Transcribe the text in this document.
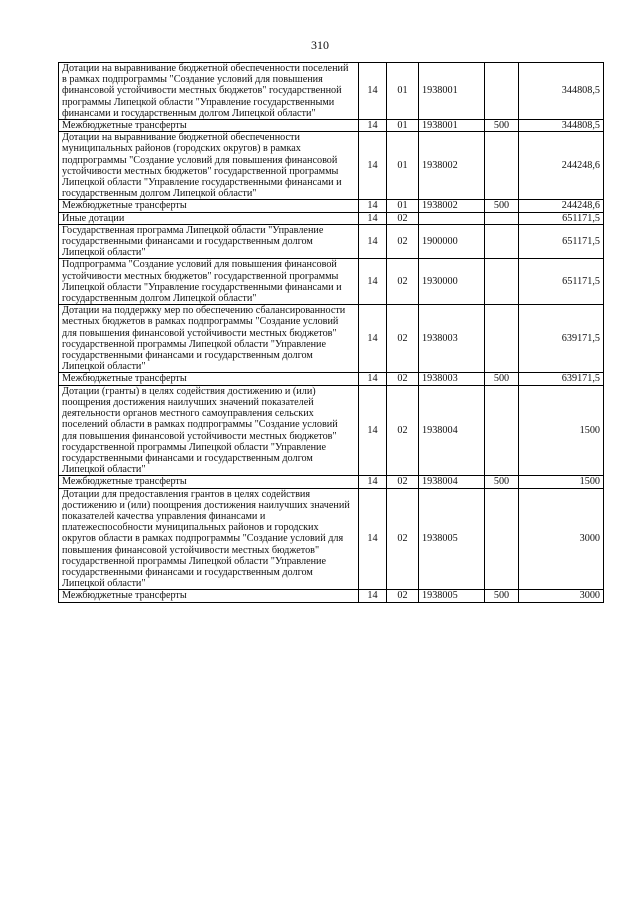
310
Дотации на выравнивание бюджетной обеспеченности поселений в рамках подпрограммы "Создание условий для повышения финансовой устойчивости местных бюджетов" государственной программы Липецкой области "Управление государственными финансами и государственным долгом Липецкой области"	14	01	1938001		344808,5
Межбюджетные трансферты	14	01	1938001	500	344808,5
Дотации на выравнивание бюджетной обеспеченности муниципальных районов (городских округов) в рамках подпрограммы "Создание условий для повышения финансовой устойчивости местных бюджетов" государственной программы Липецкой области "Управление государственными финансами и государственным долгом Липецкой области"	14	01	1938002		244248,6
Межбюджетные трансферты	14	01	1938002	500	244248,6
Иные дотации	14	02			651171,5
Государственная программа Липецкой области "Управление государственными финансами и государственным долгом Липецкой области"	14	02	1900000		651171,5
Подпрограмма "Создание условий для повышения финансовой устойчивости местных бюджетов" государственной программы Липецкой области "Управление государственными финансами и государственным долгом Липецкой области"	14	02	1930000		651171,5
Дотации на поддержку мер по обеспечению сбалансированности местных бюджетов в рамках подпрограммы "Создание условий для повышения финансовой устойчивости местных бюджетов" государственной программы Липецкой области "Управление государственными финансами и государственным долгом Липецкой области"	14	02	1938003		639171,5
Межбюджетные трансферты	14	02	1938003	500	639171,5
Дотации (гранты) в целях содействия достижению и (или) поощрения достижения наилучших значений показателей деятельности органов местного самоуправления сельских поселений области в рамках подпрограммы "Создание условий для повышения финансовой устойчивости местных бюджетов" государственной программы Липецкой области "Управление государственными финансами и государственным долгом Липецкой области"	14	02	1938004		1500
Межбюджетные трансферты	14	02	1938004	500	1500
Дотации для предоставления грантов в целях содействия достижению и (или) поощрения достижения наилучших значений показателей качества управления финансами и платежеспособности муниципальных районов и городских округов области в рамках подпрограммы "Создание условий для повышения финансовой устойчивости местных бюджетов" государственной программы Липецкой области "Управление государственными финансами и государственным долгом Липецкой области"	14	02	1938005		3000
Межбюджетные трансферты	14	02	1938005	500	3000
